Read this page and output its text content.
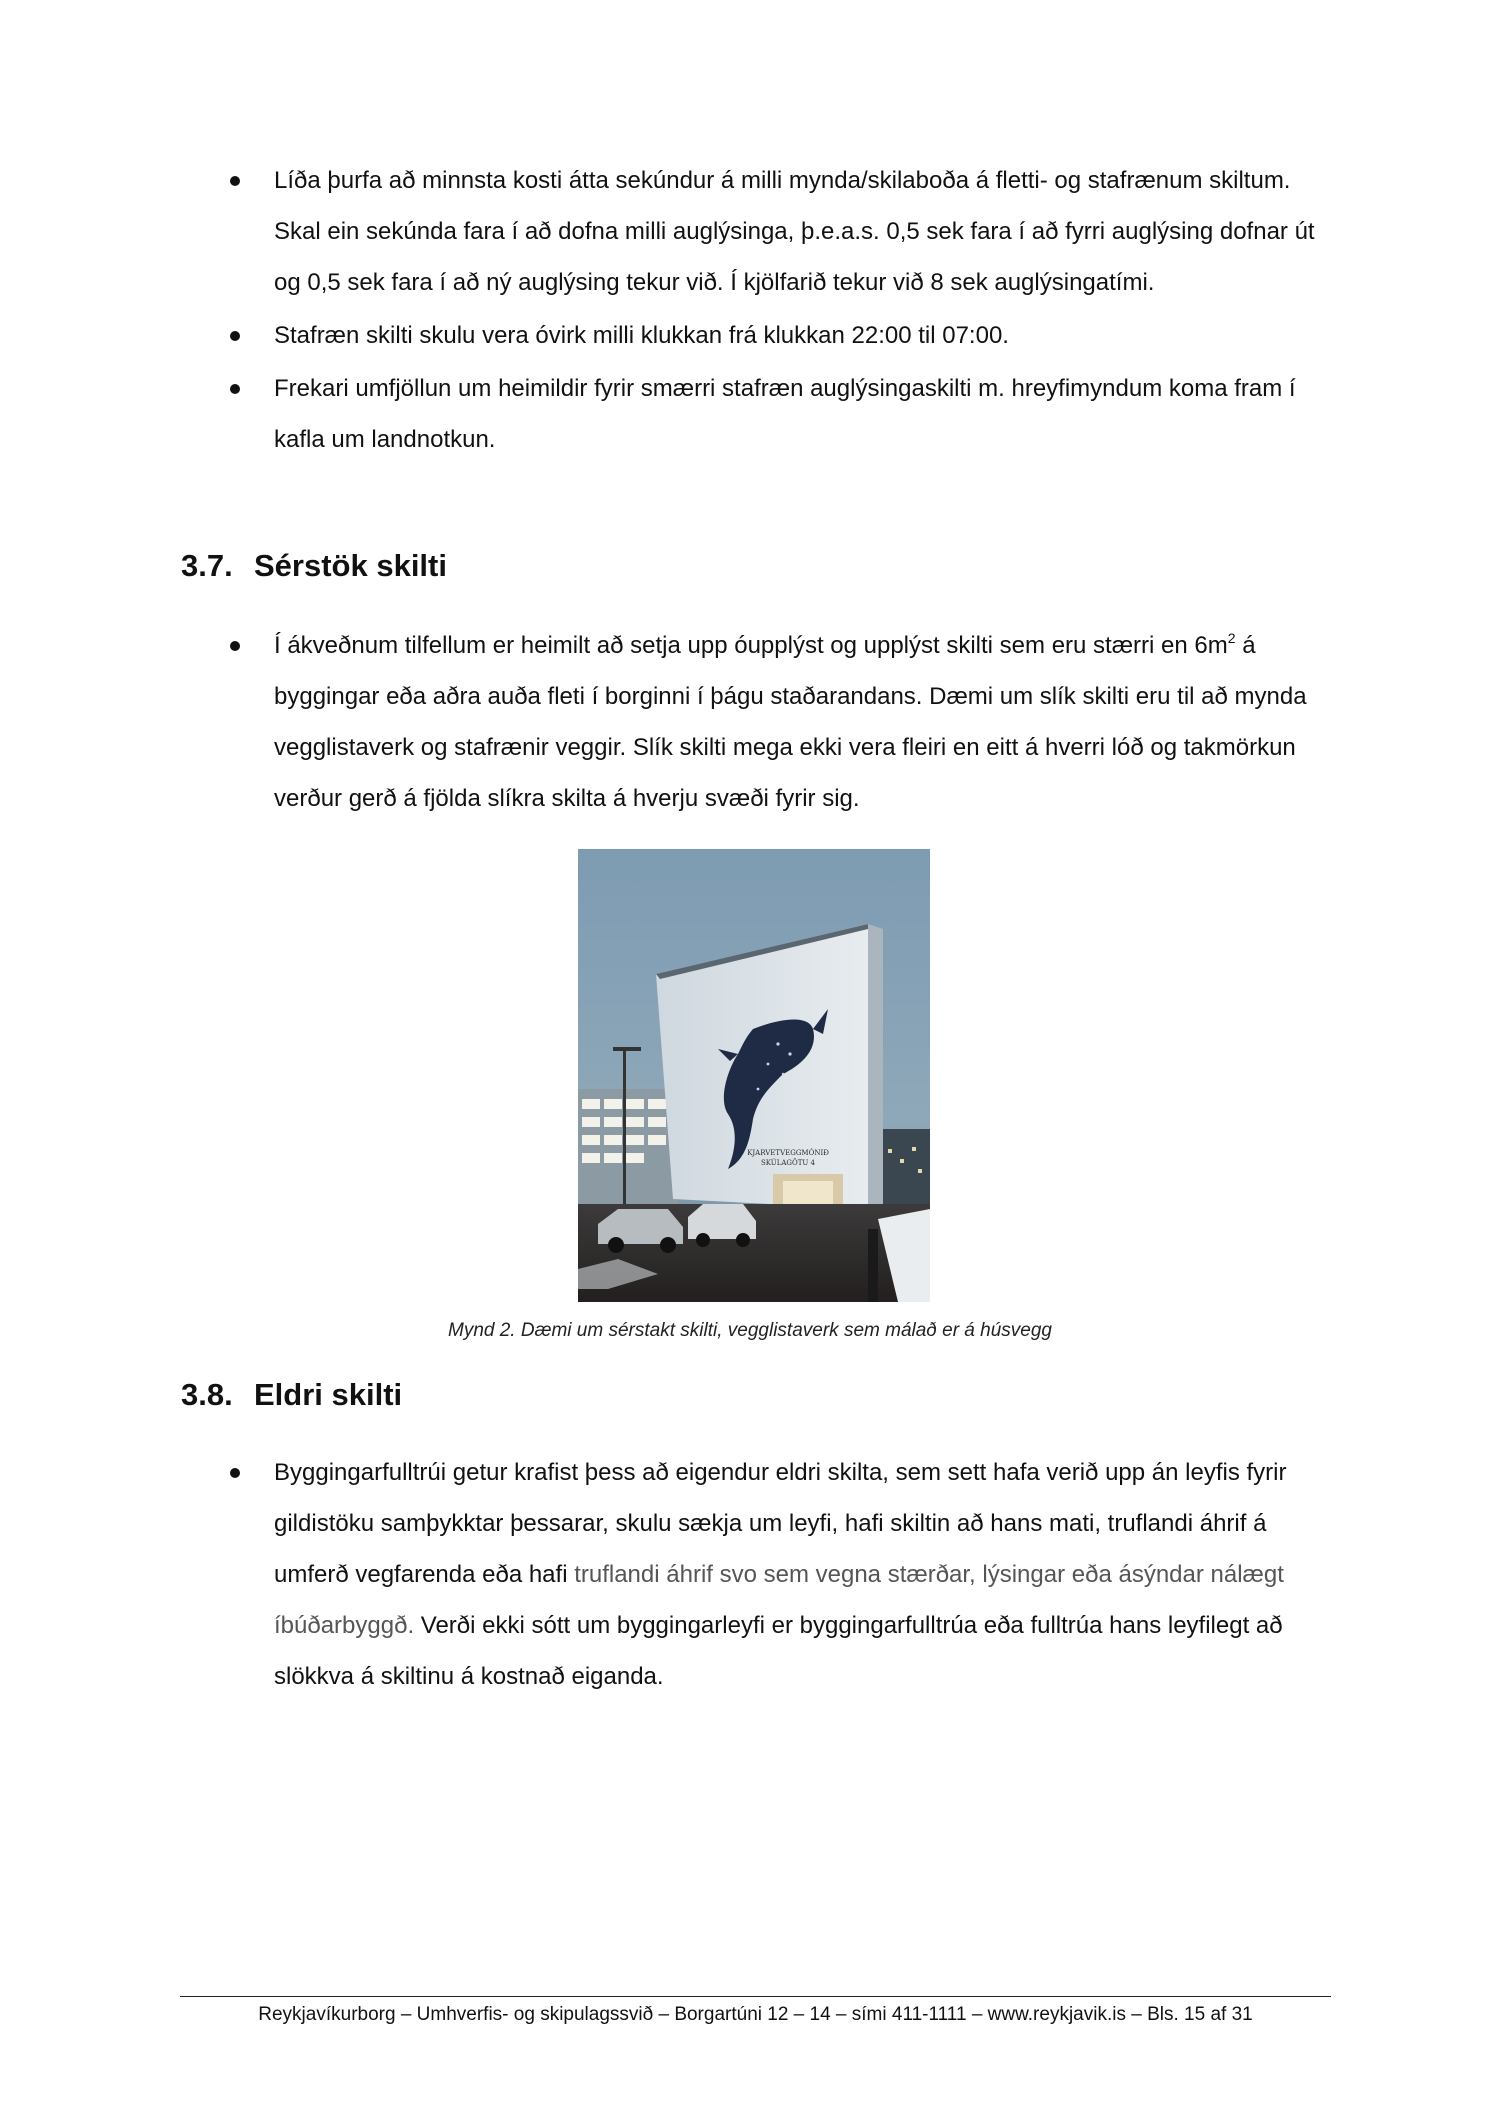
Líða þurfa að minnsta kosti átta sekúndur á milli mynda/skilaboða á fletti- og stafrænum skiltum. Skal ein sekúnda fara í að dofna milli auglýsinga, þ.e.a.s. 0,5 sek fara í að fyrri auglýsing dofnar út og 0,5 sek fara í að ný auglýsing tekur við. Í kjölfarið tekur við 8 sek auglýsingatími.
Stafræn skilti skulu vera óvirk milli klukkan frá klukkan 22:00 til 07:00.
Frekari umfjöllun um heimildir fyrir smærri stafræn auglýsingaskilti m. hreyfimyndum koma fram í kafla um landnotkun.
3.7. Sérstök skilti
Í ákveðnum tilfellum er heimilt að setja upp óupplýst og upplýst skilti sem eru stærri en $6m^2$ á byggingar eða aðra auða fleti í borginni í þágu staðarandans. Dæmi um slík skilti eru til að mynda vegglistaverk og stafrænir veggir. Slík skilti mega ekki vera fleiri en eitt á hverri lóð og takmörkun verður gerð á fjölda slíkra skilta á hverju svæði fyrir sig.
KJARVETVEGGMÓNIÐ
SKÚLAGÖTU 4
Mynd 2. Dæmi um sérstakt skilti, vegglistaverk sem málað er á húsvegg
3.8. Eldri skilti
Byggingarfulltrúi getur krafist þess að eigendur eldri skilta, sem sett hafa verið upp án leyfis fyrir gildistöku samþykktar þessarar, skulu sækja um leyfi, hafi skiltin að hans mati, truflandi áhrif á umferð vegfarenda eða hafi truflandi áhrif svo sem vegna stærðar, lýsingar eða ásýndar nálægt íbúðarbyggð. Verði ekki sótt um byggingarleyfi er byggingarfulltrúa eða fulltrúa hans leyfilegt að slökkva á skiltinu á kostnað eiganda.
Reykjavíkurborg – Umhverfis- og skipulagssvið – Borgartúni 12 – 14 – sími 411-1111 – www.reykjavik.is – Bls. 15 af 31
